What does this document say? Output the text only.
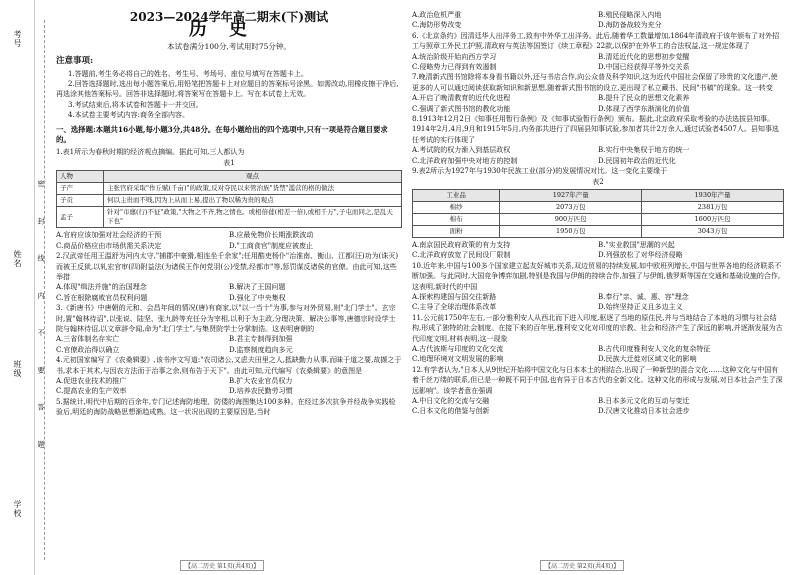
考号
姓名
班级
学校
密 封 线 内 不 要 答 题
2023—2024学年高二期末(下)测试
历史
本试卷满分100分,考试用时75分钟。
注意事项:
1.答题前,考生务必将自己的姓名、考生号、考场号、座位号填写在答题卡上。
2.回答选择题时,选出每小题答案后,用铅笔把答题卡上对应题目的答案标号涂黑。如需改动,用橡皮擦干净后,再选涂其他答案标号。回答非选择题时,将答案写在答题卡上。写在本试卷上无效。
3.考试结束后,将本试卷和答题卡一并交回。
4.本试卷主要考试内容:商务全部内容。
一、选择题:本题共16小题,每小题3分,共48分。在每小题给出的四个选项中,只有一项是符合题目要求的。
1.表1所示为春秋时期的经济观点摘编。据此可知,三人都认为
表1
人物	观点
子产	主张官府采取"作丘赋(千亩)"的政策,反对夺民以来管治族"货禁"滥营的格的做法
子贡	何以主贵而不贱,因为上从而上易,提出了物以稀为贵的观点
孟子	针对"市廛(行)不征"政策,"大物之不齐,物之情也。或相倍蓰(相差一倍),或相千万",子屯而同之,是乱天下也"
A.官府应该加强对社会经济的干预	B.应最免物价长期涨跌波动
C.商品价格应由市场供需关系决定	D."工商食官"制度应被废止
2.汉武帝任用王温舒为河内太守,"捕郡中豪猾,相连坐千余家";任用酷吏杨仆"治淮南、衡山、江都(汪)功为(诛灭)而被王反狱,以轧宏官审(四)附益法(为诸侯王作何党羽(公)受禁,经都市"等,惩罚谋反诸侯的官僚。由此可知,这些举措
A.体现"缉法并施"的治国理念	B.解决了王国问题
C.旨在根除腐败官员权利问题	D.强化了中央集权
3.《新唐书》中唐朝的元和、会昌年间的情况(唐)有商家,以"以一当十"为事,参与对外贸易,则"北门学士"。玄宗时,置"翰林待诏",以张说、陆坚、张九龄等充任分为宰相,以利于为主政,分理决策、解决公事等,唐德宗时设学士院与翰林待诏,以文章辞令闻,命为"北门学士",与集贤院学士分掌制诰。这表明唐朝的
A.三省体制名存实亡	B.君主专制得到加强
C.官僚政治得以确立	D.监察制度趋向多元
4.元初国家编写了《农桑辑要》,该书序文写道:"农司诸公,又虑夫田里之人,抵缺勤力从事,而昧于道之要,故撷之于书,求本于其术,与因农方法而于治事之余,则布告于天下"。由此可知,元代编写《农桑辑要》的意图是
A.促进农业技术的推广	B.扩大农业官员权力
C.提高农业的生产效率	D.培养农民勤劳习惯
5.据统计,明代中后期的百余年,专门记述海防地理、防倭的海图集达100多种。在经过多次抗争并经战争实践检验后,明廷的海防战略思想渐趋成熟。这一状况出现的主要原因是,当时
A.政治危机严重	B.殖民侵略深入内地
C.海防形势改变	D.海防备战较为充分
6.《北京条约》因清廷华人出洋务工,致有中外华工出洋务。此后,随着华工数量增加,1864年清政府于该年颁布了对外招工与照章工外民工护照,清政府与英法等国签订《续工章程》22款,以保护在外华工的合法权益,这一规定体现了
A.统治阶级开始向西方学习	B.清廷近代化的思想初步觉醒
C.侵略势力已得到有效遏制	D.中国已经获得平等外交关系
7.晚清新式图书馆除将本身看书籍以外,还与书店合作,向公众普及科学知识,这为近代中国社会保留了珍贵的文化遗产,使更多的人可以通过阅读获取新知识和新思想,随着新式图书馆的设立,更出现了私立藏书、民间"书稿"的现象。这一转变
A.开启了晚清教育的近代化进程	B.提升了民众的思想文化素养
C.强调了新式图书馆的教化功能	D.体现了西学东渐演化的价值
8.1913年12月2日《知事任用暂行条例》及《知事试验暂行条例》颁布。据此,北京政府采取考验的办法选拔县知事。1914年2月,4月,9月和1915年5月,内务部共进行了四届县知事试验,参加者共计2万余人,通过试验者4507人。县知事选任考试的实行体现了
A.考试院的权力渐入到基层政权	B.实行中央集权于地方的统一
C.北洋政府加强中央对地方的控制	D.民国初年政治的近代化
9.表2所示为1927年与1930年民族工业(部分)的发展情况对比。这一变化主要缘于
表2
工业品	1927年产量	1930年产量
棉纱	2073万包	2381万包
棉布	900万匹包	1600万匹包
面粉	1950万包	3043万包
A.南京国民政府政策的有力支持	B."实业救国"思潮的兴起
C.北洋政府放宽了民间设厂限制	D.列强放松了对华经济侵略
10.近年来,中国与100多个国家建立起友好城市关系,双边贸易的持续发展,如中欧班列增长,中国与世界各地的经济联系不断加强。与此同时,大国竞争博弈加剧,特别是我国与伊朗的持续合作,加强了与伊朗,俄罗斯等国在交通和基础设施的合作,这表明,新时代的中国
A.探索构建国与国交往新路	B.奉行"亲、诚、惠、容"理念
C.主导了全球治理体系改革	D.始终坚持正义且多边主义
11.公元前1750年左右,一部分雅利安人从西北而下进入印度,驱逐了当地的原住民,并与当地结合了本地的习惯与社会结构,形成了独特的社会制度。在接下来的百年里,雅利安文化对印度的宗教、社会和经济产生了深远的影响,并逐渐发展为古代印度文明,材料表明,这一现象
A.古代波斯与印度的文化交流	B.古代印度雅利安人文化的复杂特征
C.地理环境对文明发展的影响	D.民族大迁徙对区域文化的影响
12.有学者认为,"日本人从9世纪开始将中国文化与日本本土的相结合,出现了一种新型的混合文化……这种文化与中国有着千丝万缕的联系,但已是一种既不同于中国,也有异于日本古代的全新文化。这种文化的形成与发展,对日本社会产生了深远影响"。该学者意在强调
A.中日文化的交流与交融	B.日本多元文化的互动与变迁
C.日本文化的借鉴与创新	D.汉唐文化推动日本社会进步
【高二历史 第1页(共4页)】	【高二历史 第2页(共4页)】
